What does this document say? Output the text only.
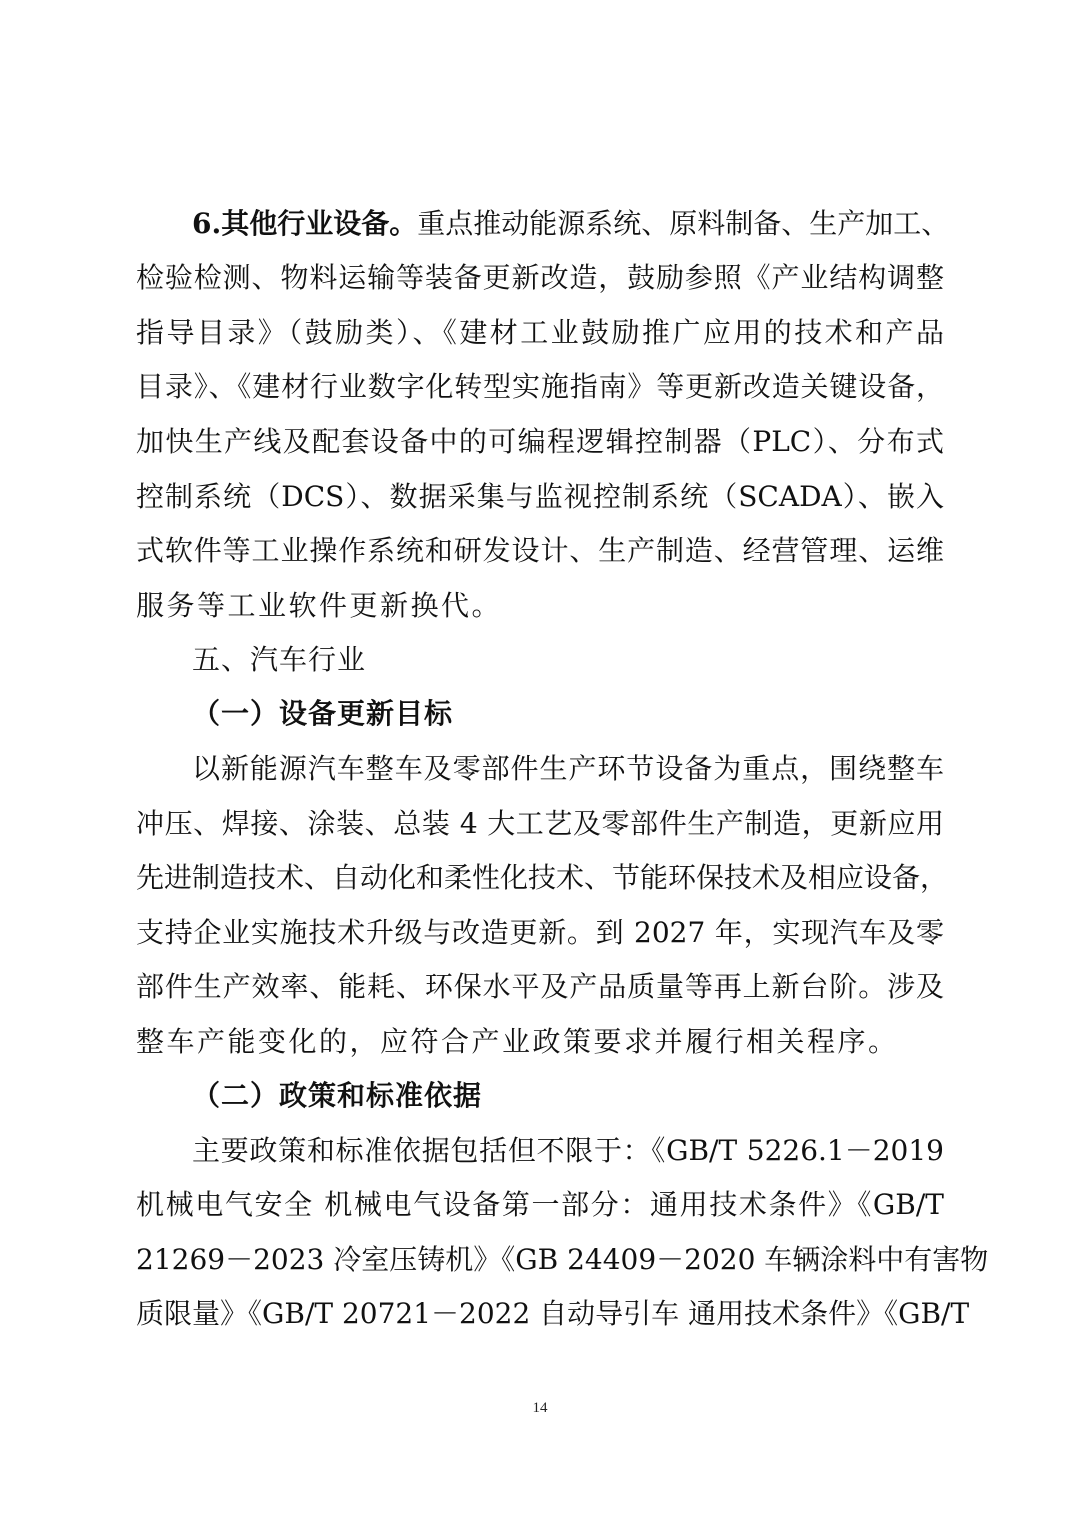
6.其他行业设备。重点推动能源系统、原料制备、生产加工、
检验检测、物料运输等装备更新改造，鼓励参照《产业结构调整
指导目录》（鼓励类）、《建材工业鼓励推广应用的技术和产品
目录》、《建材行业数字化转型实施指南》等更新改造关键设备，
加快生产线及配套设备中的可编程逻辑控制器（PLC）、分布式
控制系统（DCS）、数据采集与监视控制系统（SCADA）、嵌入
式软件等工业操作系统和研发设计、生产制造、经营管理、运维
服务等工业软件更新换代。
五、汽车行业
（一）设备更新目标
以新能源汽车整车及零部件生产环节设备为重点，围绕整车
冲压、焊接、涂装、总装 4 大工艺及零部件生产制造，更新应用
先进制造技术、自动化和柔性化技术、节能环保技术及相应设备，
支持企业实施技术升级与改造更新。到 2027 年，实现汽车及零
部件生产效率、能耗、环保水平及产品质量等再上新台阶。涉及
整车产能变化的，应符合产业政策要求并履行相关程序。
（二）政策和标准依据
主要政策和标准依据包括但不限于：《GB/T 5226.1－2019
机械电气安全 机械电气设备第一部分：通用技术条件》《GB/T
21269－2023 冷室压铸机》《GB 24409－2020 车辆涂料中有害物
质限量》《GB/T 20721－2022 自动导引车 通用技术条件》《GB/T
14
